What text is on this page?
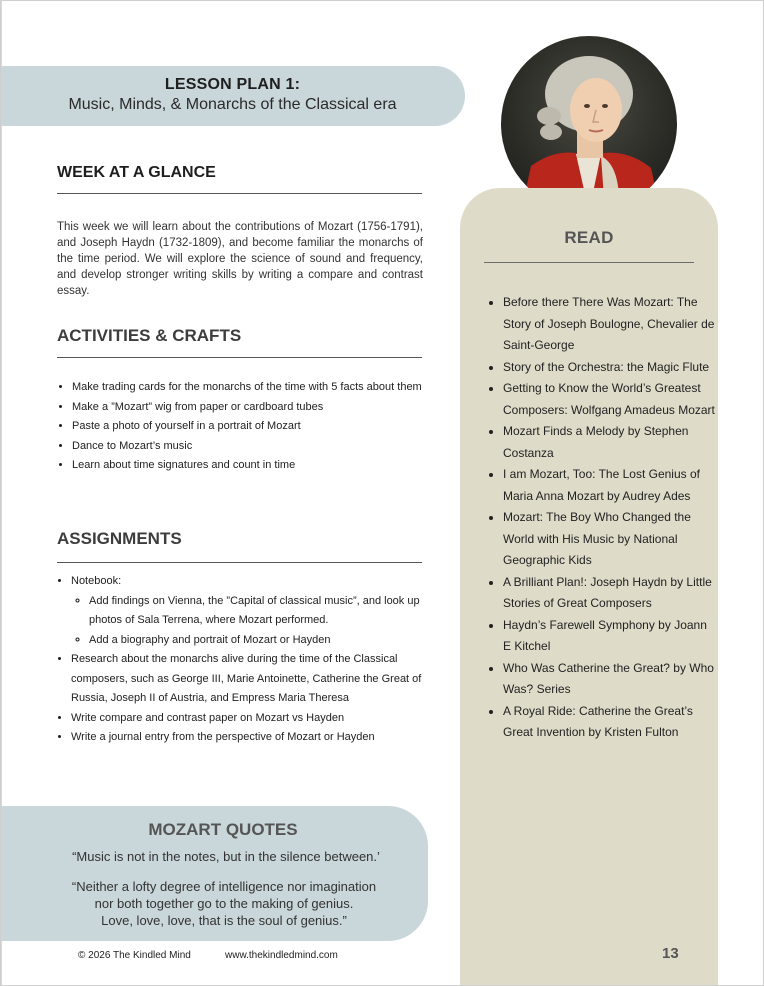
LESSON PLAN 1:
Music, Minds, & Monarchs of the Classical era
WEEK AT A GLANCE

This week we will learn about the contributions of Mozart (1756-1791), and Joseph Haydn (1732-1809), and become familiar the monarchs of the time period. We will explore the science of sound and frequency, and develop stronger writing skills by writing a compare and contrast essay.

ACTIVITIES & CRAFTS
• Make trading cards for the monarchs of the time with 5 facts about them
• Make a ”Mozart” wig from paper or cardboard tubes
• Paste a photo of yourself in a portrait of Mozart
• Dance to Mozart’s music
• Learn about time signatures and count in time
ASSIGNMENTS
• Notebook:
◦ Add findings on Vienna, the ”Capital of classical music”, and look up photos of Sala Terrena, where Mozart performed.
◦ Add a biography and portrait of Mozart or Hayden
• Research about the monarchs alive during the time of the Classical composers, such as George III, Marie Antoinette, Catherine the Great of Russia, Joseph II of Austria, and Empress Maria Theresa
• Write compare and contrast paper on Mozart vs Hayden
• Write a journal entry from the perspective of Mozart or Hayden
MOZART QUOTES
“Music is not in the notes, but in the silence between.’
“Neither a lofty degree of intelligence nor imagination
nor both together go to the making of genius.
Love, love, love, that is the soul of genius.”
READ
• Before there There Was Mozart: The Story of Joseph Boulogne, Chevalier de Saint-George
• Story of the Orchestra: the Magic Flute
• Getting to Know the World’s Greatest Composers: Wolfgang Amadeus Mozart
• Mozart Finds a Melody by Stephen Costanza
• I am Mozart, Too: The Lost Genius of Maria Anna Mozart by Audrey Ades
• Mozart: The Boy Who Changed the World with His Music by National Geographic Kids
• A Brilliant Plan!: Joseph Haydn by Little Stories of Great Composers
• Haydn’s Farewell Symphony by Joann E Kitchel
• Who Was Catherine the Great? by Who Was? Series
• A Royal Ride: Catherine the Great’s Great Invention by Kristen Fulton
© 2026 The Kindled Mind	www.thekindledmind.com	13
